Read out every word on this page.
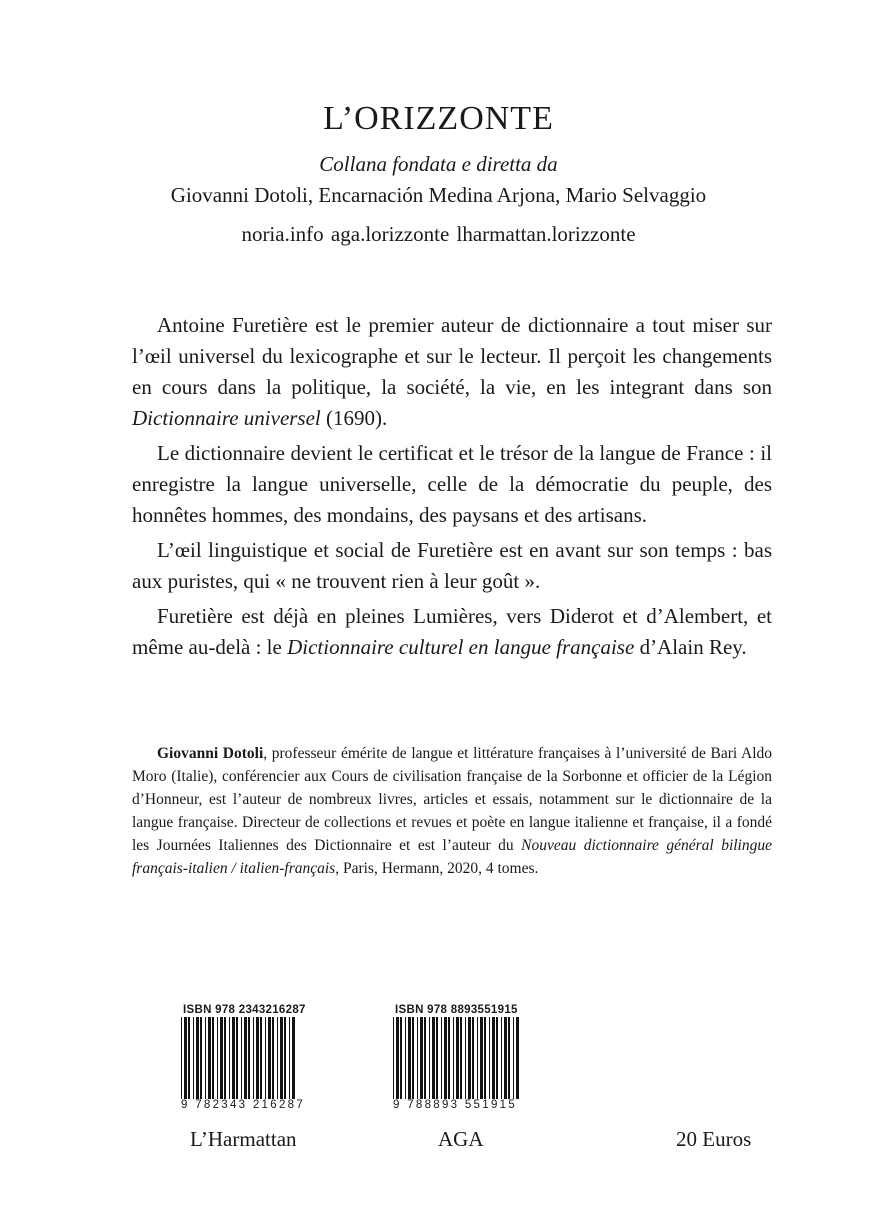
L’ORIZZONTE
Collana fondata e diretta da
Giovanni Dotoli, Encarnación Medina Arjona, Mario Selvaggio
noria.info aga.lorizzonte lharmattan.lorizzonte

Antoine Furetière est le premier auteur de dictionnaire a tout miser sur l’œil universel du lexicographe et sur le lecteur. Il perçoit les changements en cours dans la politique, la société, la vie, en les integrant dans son Dictionnaire universel (1690).

Le dictionnaire devient le certificat et le trésor de la langue de France : il enregistre la langue universelle, celle de la démocratie du peuple, des honnêtes hommes, des mondains, des paysans et des artisans.

L’œil linguistique et social de Furetière est en avant sur son temps : bas aux puristes, qui « ne trouvent rien à leur goût ».

Furetière est déjà en pleines Lumières, vers Diderot et d’Alembert, et même au-delà : le Dictionnaire culturel en langue française d’Alain Rey.

Giovanni Dotoli, professeur émérite de langue et littérature françaises à l’université de Bari Aldo Moro (Italie), conférencier aux Cours de civilisation française de la Sorbonne et officier de la Légion d’Honneur, est l’auteur de nombreux livres, articles et essais, notamment sur le dictionnaire de la langue française. Directeur de collections et revues et poète en langue italienne et française, il a fondé les Journées Italiennes des Dictionnaire et est l’auteur du Nouveau dictionnaire général bilingue français-italien / italien-français, Paris, Hermann, 2020, 4 tomes.

ISBN 978 2343216287
9 782343 216287
ISBN 978 8893551915
9 788893 551915
L’Harmattan	AGA	20 Euros
